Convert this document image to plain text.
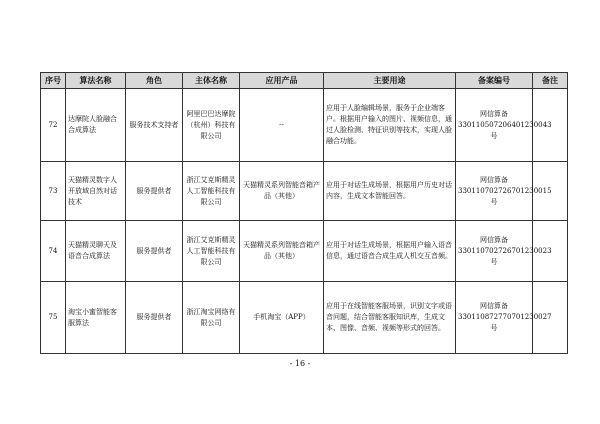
序号	算法名称	角色	主体名称	应用产品	主要用途	备案编号	备注
72	达摩院人脸融合合成算法	服务技术支持者	阿里巴巴达摩院（杭州）科技有限公司	--	应用于人脸编辑场景，服务于企业端客户。根据用户输入的图片、视频信息，通过人脸检测、特征识别等技术，实现人脸融合功能。	网信算备330110507206401230043号	
73	天猫精灵数字人开放域自然对话技术	服务提供者	浙江艾克斯精灵人工智能科技有限公司	天猫精灵系列智能音箱产品（其他）	应用于对话生成场景，根据用户历史对话内容，生成文本智能回答。	网信算备330110702726701230015号	
74	天猫精灵聊天及语音合成算法	服务提供者	浙江艾克斯精灵人工智能科技有限公司	天猫精灵系列智能音箱产品（其他）	应用于对话生成场景，根据用户输入语音信息，通过语音合成生成人机交互音频。	网信算备330110702726701230023号	
75	淘宝小蜜智能客服算法	服务提供者	浙江淘宝网络有限公司	手机淘宝（APP）	应用于在线智能客服场景，识别文字或语音问题，结合智能客服知识库，生成文本、图像、音频、视频等形式的回答。	网信算备330110872770701230027号	
- 16 -
